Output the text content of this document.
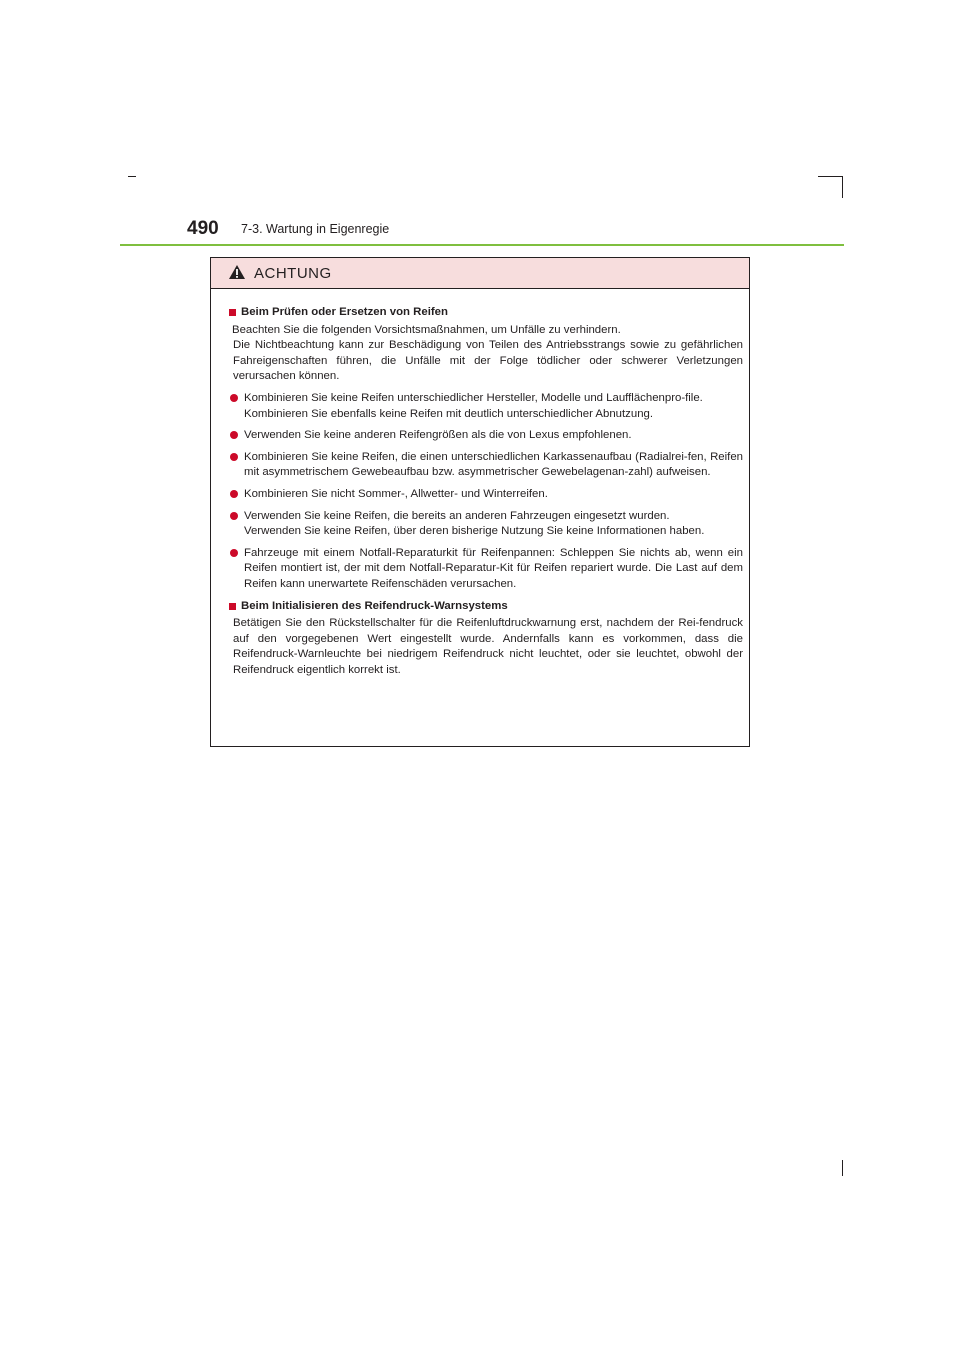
490 7-3. Wartung in Eigenregie
ACHTUNG
Beim Prüfen oder Ersetzen von Reifen
Beachten Sie die folgenden Vorsichtsmaßnahmen, um Unfälle zu verhindern.
Die Nichtbeachtung kann zur Beschädigung von Teilen des Antriebsstrangs sowie zu gefährlichen Fahreigenschaften führen, die Unfälle mit der Folge tödlicher oder schwerer Verletzungen verursachen können.
Kombinieren Sie keine Reifen unterschiedlicher Hersteller, Modelle und Laufflächenpro-file.
Kombinieren Sie ebenfalls keine Reifen mit deutlich unterschiedlicher Abnutzung.
Verwenden Sie keine anderen Reifengrößen als die von Lexus empfohlenen.
Kombinieren Sie keine Reifen, die einen unterschiedlichen Karkassenaufbau (Radialrei-fen, Reifen mit asymmetrischem Gewebeaufbau bzw. asymmetrischer Gewebelagenan-zahl) aufweisen.
Kombinieren Sie nicht Sommer-, Allwetter- und Winterreifen.
Verwenden Sie keine Reifen, die bereits an anderen Fahrzeugen eingesetzt wurden.
Verwenden Sie keine Reifen, über deren bisherige Nutzung Sie keine Informationen haben.
Fahrzeuge mit einem Notfall-Reparaturkit für Reifenpannen: Schleppen Sie nichts ab, wenn ein Reifen montiert ist, der mit dem Notfall-Reparatur-Kit für Reifen repariert wurde. Die Last auf dem Reifen kann unerwartete Reifenschäden verursachen.
Beim Initialisieren des Reifendruck-Warnsystems
Betätigen Sie den Rückstellschalter für die Reifenluftdruckwarnung erst, nachdem der Rei-fendruck auf den vorgegebenen Wert eingestellt wurde. Andernfalls kann es vorkommen, dass die Reifendruck-Warnleuchte bei niedrigem Reifendruck nicht leuchtet, oder sie leuchtet, obwohl der Reifendruck eigentlich korrekt ist.
